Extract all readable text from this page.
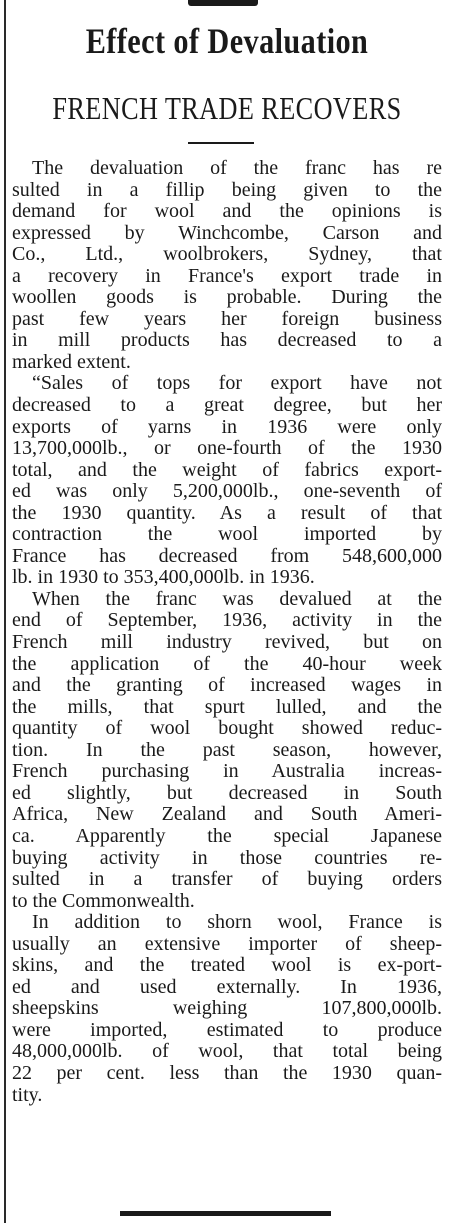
Effect of Devaluation
FRENCH TRADE RECOVERS
The devaluation of the franc has re
sulted in a fillip being given to the
demand for wool and the opinions is
expressed by Winchcombe, Carson and
Co., Ltd., woolbrokers, Sydney, that
a recovery in France's export trade in
woollen goods is probable. During the
past few years her foreign business
in mill products has decreased to a
marked extent.
“Sales of tops for export have not
decreased to a great degree, but her
exports of yarns in 1936 were only
13,700,000lb., or one-fourth of the 1930
total, and the weight of fabrics export-
ed was only 5,200,000lb., one-seventh of
the 1930 quantity. As a result of that
contraction the wool imported by
France has decreased from 548,600,000
lb. in 1930 to 353,400,000lb. in 1936.
When the franc was devalued at the
end of September, 1936, activity in the
French mill industry revived, but on
the application of the 40-hour week
and the granting of increased wages in
the mills, that spurt lulled, and the
quantity of wool bought showed reduc-
tion. In the past season, however,
French purchasing in Australia increas-
ed slightly, but decreased in South
Africa, New Zealand and South Ameri-
ca. Apparently the special Japanese
buying activity in those countries re-
sulted in a transfer of buying orders
to the Commonwealth.
In addition to shorn wool, France is
usually an extensive importer of sheep-
skins, and the treated wool is ex-port-
ed and used externally. In 1936,
sheepskins weighing 107,800,000lb.
were imported, estimated to produce
48,000,000lb. of wool, that total being
22 per cent. less than the 1930 quan-
tity.
